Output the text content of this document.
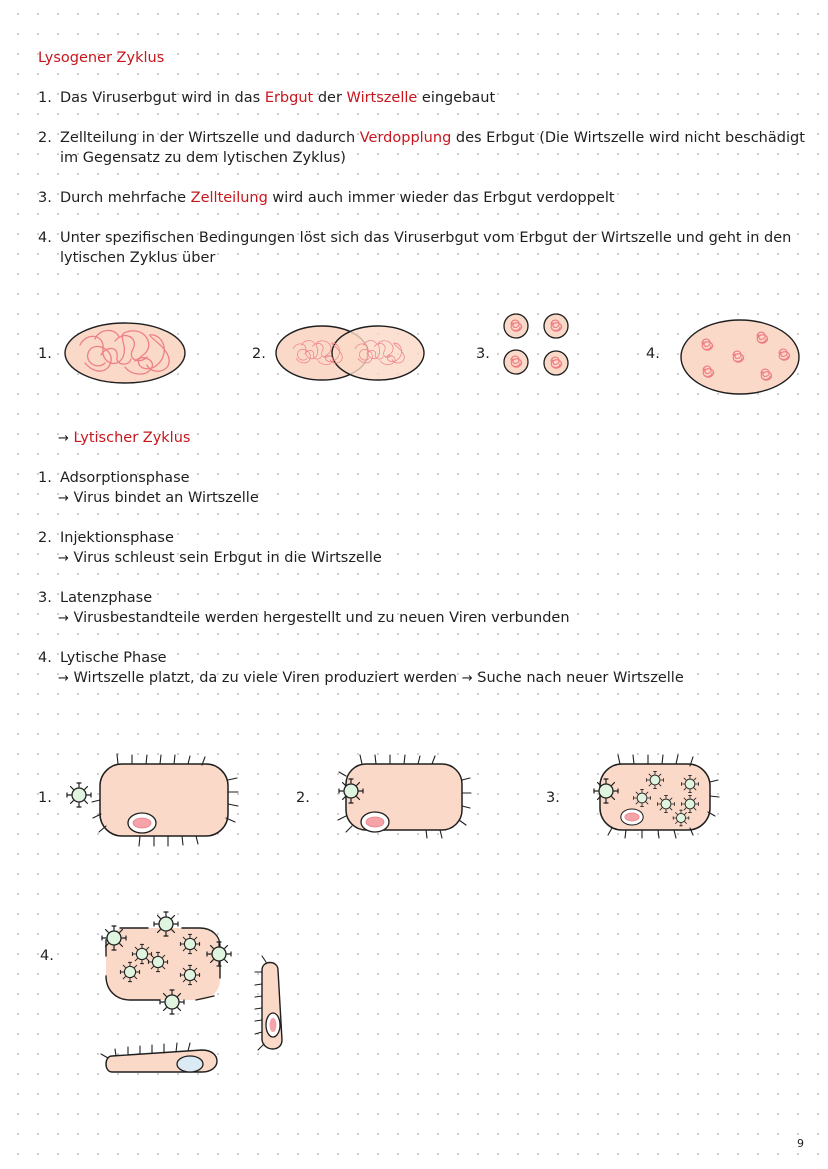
Lysogener Zyklus
1. Das Viruserbgut wird in das Erbgut der Wirtszelle eingebaut
2. Zellteilung in der Wirtszelle und dadurch Verdopplung des Erbgut (Die Wirtszelle wird nicht beschädigt
im Gegensatz zu dem lytischen Zyklus)
3. Durch mehrfache Zellteilung wird auch immer wieder das Erbgut verdoppelt
4. Unter spezifischen Bedingungen löst sich das Viruserbgut vom Erbgut der Wirtszelle und geht in den
lytischen Zyklus über
1.	2.	3.	4.
→ Lytischer Zyklus
1. Adsorptionsphase
→ Virus bindet an Wirtszelle
2. Injektionsphase
→ Virus schleust sein Erbgut in die Wirtszelle
3. Latenzphase
→ Virusbestandteile werden hergestellt und zu neuen Viren verbunden
4. Lytische Phase
→ Wirtszelle platzt, da zu viele Viren produziert werden → Suche nach neuer Wirtszelle
1.	2.	3.
4.
9
